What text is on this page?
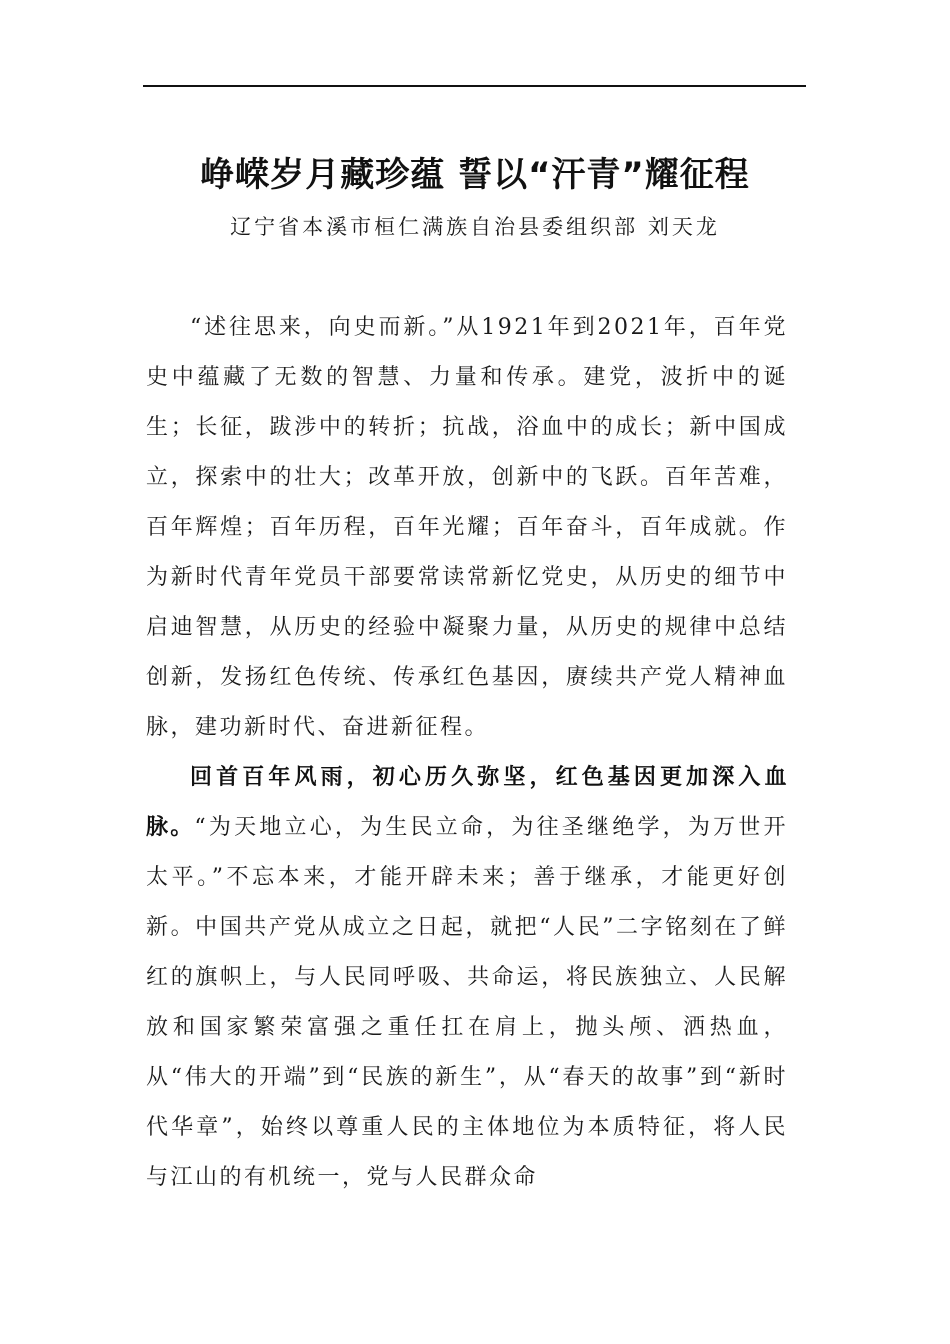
峥嵘岁月藏珍蕴 誓以“汗青”耀征程
辽宁省本溪市桓仁满族自治县委组织部 刘天龙

“述往思来，向史而新。”从1921年到2021年，百年党史中蕴藏了无数的智慧、力量和传承。建党，波折中的诞生；长征，跋涉中的转折；抗战，浴血中的成长；新中国成立，探索中的壮大；改革开放，创新中的飞跃。百年苦难，百年辉煌；百年历程，百年光耀；百年奋斗，百年成就。作为新时代青年党员干部要常读常新忆党史，从历史的细节中启迪智慧，从历史的经验中凝聚力量，从历史的规律中总结创新，发扬红色传统、传承红色基因，赓续共产党人精神血脉，建功新时代、奋进新征程。

回首百年风雨，初心历久弥坚，红色基因更加深入血脉。“为天地立心，为生民立命，为往圣继绝学，为万世开太平。”不忘本来，才能开辟未来；善于继承，才能更好创新。中国共产党从成立之日起，就把“人民”二字铭刻在了鲜红的旗帜上，与人民同呼吸、共命运，将民族独立、人民解放和国家繁荣富强之重任扛在肩上，抛头颅、洒热血，从“伟大的开端”到“民族的新生”，从“春天的故事”到“新时代华章”，始终以尊重人民的主体地位为本质特征，将人民与江山的有机统一，党与人民群众命
